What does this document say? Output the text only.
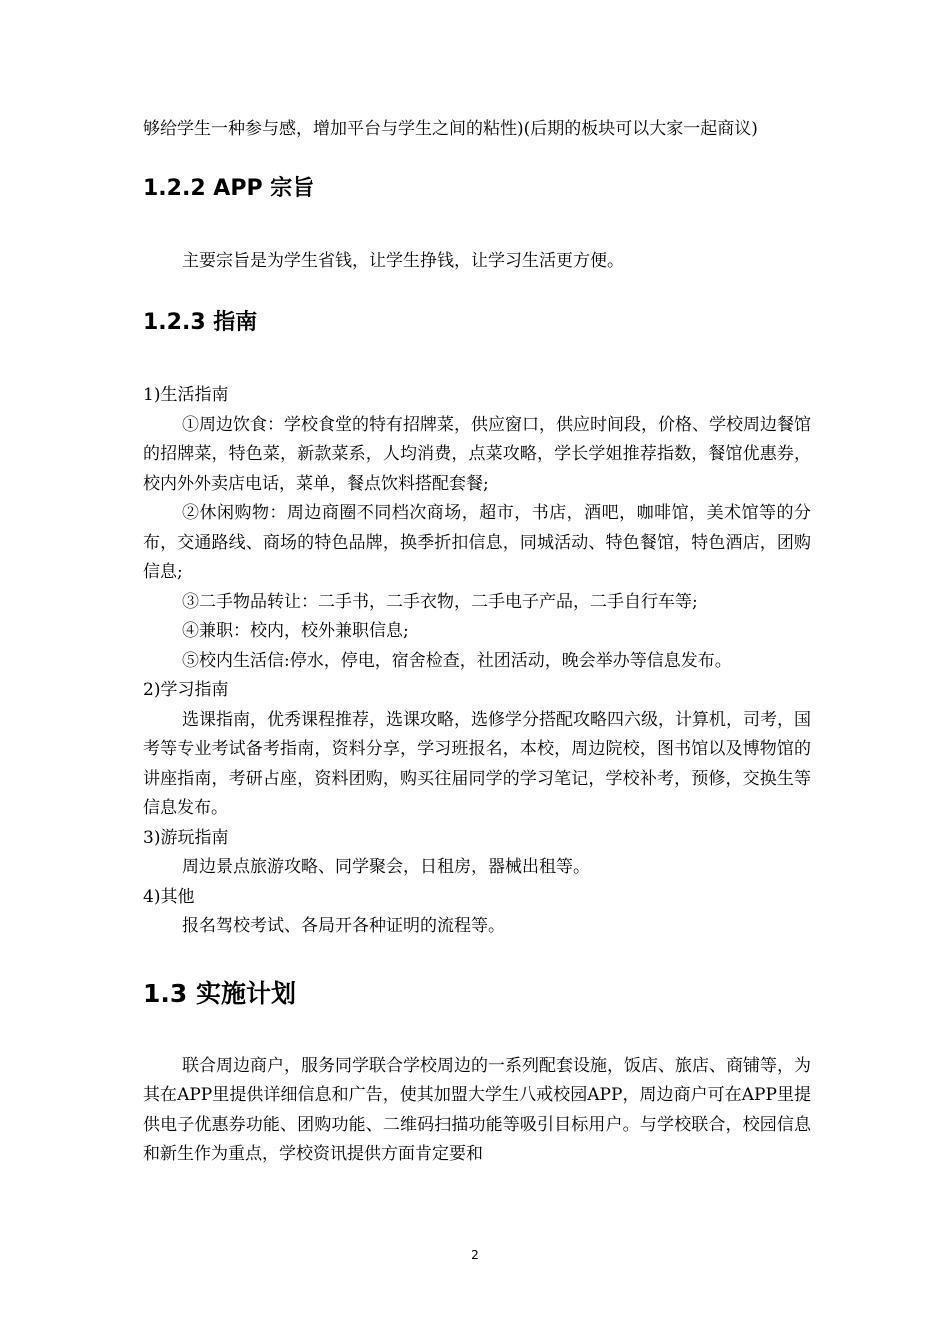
够给学生一种参与感，增加平台与学生之间的粘性)(后期的板块可以大家一起商议)

1.2.2 APP 宗旨

主要宗旨是为学生省钱，让学生挣钱，让学习生活更方便。

1.2.3 指南

1)生活指南

①周边饮食：学校食堂的特有招牌菜，供应窗口，供应时间段，价格、学校周边餐馆的招牌菜，特色菜，新款菜系，人均消费，点菜攻略，学长学姐推荐指数，餐馆优惠券，校内外外卖店电话，菜单，餐点饮料搭配套餐;

②休闲购物：周边商圈不同档次商场，超市，书店，酒吧，咖啡馆，美术馆等的分布，交通路线、商场的特色品牌，换季折扣信息，同城活动、特色餐馆，特色酒店，团购信息;

③二手物品转让：二手书，二手衣物，二手电子产品，二手自行车等;

④兼职：校内，校外兼职信息;

⑤校内生活信:停水，停电，宿舍检查，社团活动，晚会举办等信息发布。

2)学习指南

选课指南，优秀课程推荐，选课攻略，选修学分搭配攻略四六级，计算机，司考，国考等专业考试备考指南，资料分享，学习班报名，本校，周边院校，图书馆以及博物馆的讲座指南，考研占座，资料团购，购买往届同学的学习笔记，学校补考，预修，交换生等信息发布。

3)游玩指南

周边景点旅游攻略、同学聚会，日租房，器械出租等。

4)其他

报名驾校考试、各局开各种证明的流程等。

1.3 实施计划

联合周边商户，服务同学联合学校周边的一系列配套设施，饭店、旅店、商铺等，为其在APP里提供详细信息和广告，使其加盟大学生八戒校园APP，周边商户可在APP里提供电子优惠券功能、团购功能、二维码扫描功能等吸引目标用户。与学校联合，校园信息和新生作为重点，学校资讯提供方面肯定要和

2
